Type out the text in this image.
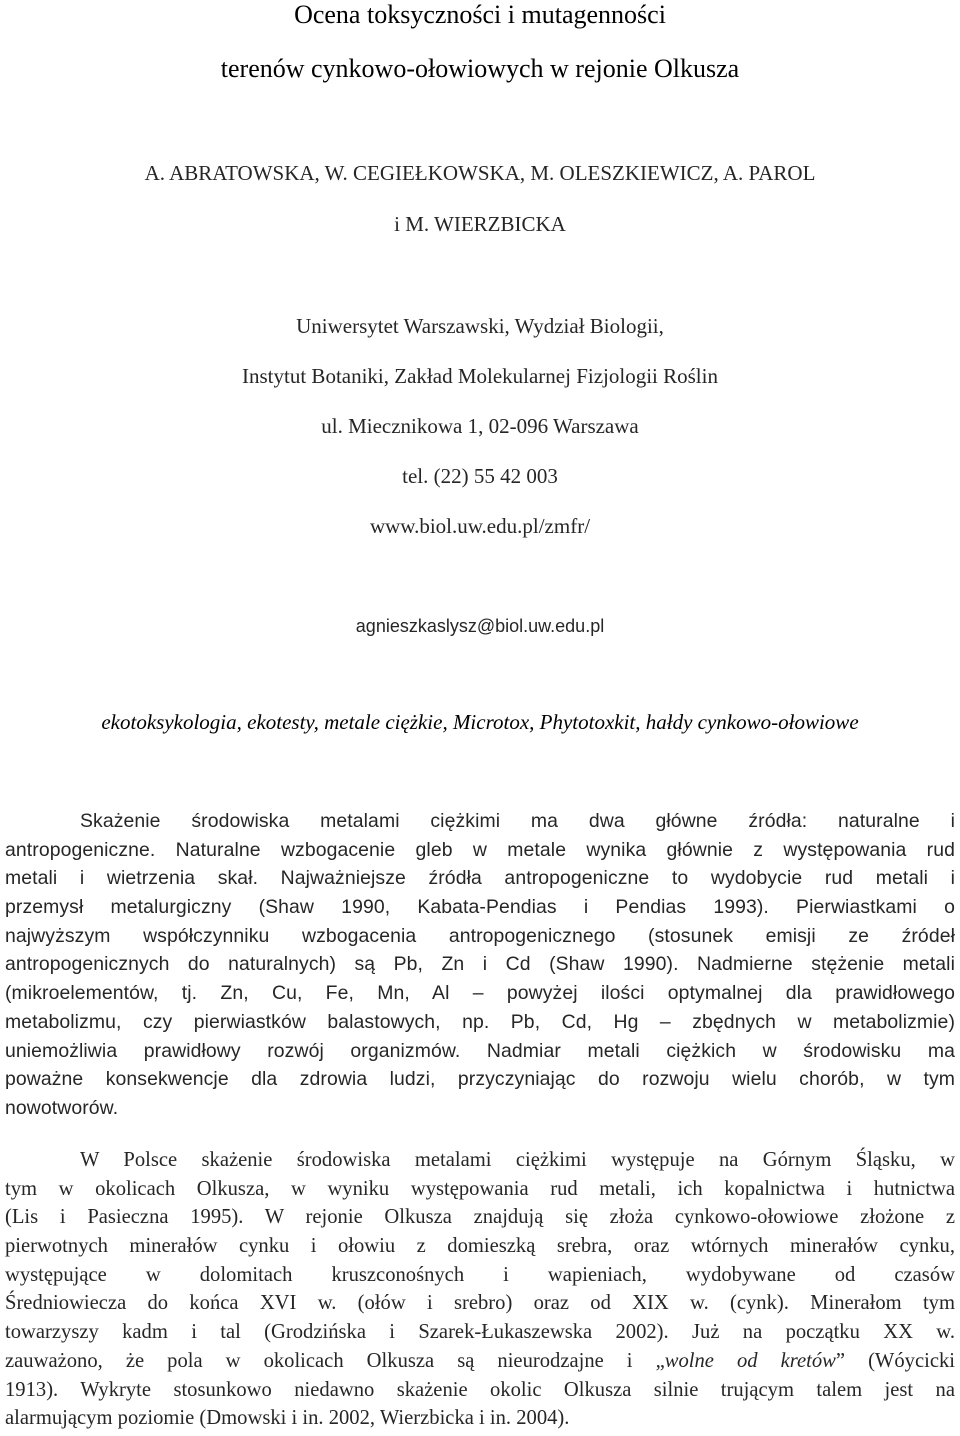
Ocena toksyczności i mutagenności
terenów cynkowo-ołowiowych w rejonie Olkusza
A. ABRATOWSKA, W. CEGIEŁKOWSKA, M. OLESZKIEWICZ, A. PAROL
i M. WIERZBICKA
Uniwersytet Warszawski, Wydział Biologii,
Instytut Botaniki, Zakład Molekularnej Fizjologii Roślin
ul. Miecznikowa 1, 02-096 Warszawa
tel. (22) 55 42 003
www.biol.uw.edu.pl/zmfr/
agnieszkaslysz@biol.uw.edu.pl
ekotoksykologia, ekotesty, metale ciężkie, Microtox, Phytotoxkit, hałdy cynkowo-ołowiowe
Skażenie środowiska metalami ciężkimi ma dwa główne źródła: naturalne i
antropogeniczne. Naturalne wzbogacenie gleb w metale wynika głównie z występowania rud
metali i wietrzenia skał. Najważniejsze źródła antropogeniczne to wydobycie rud metali i
przemysł metalurgiczny (Shaw 1990, Kabata-Pendias i Pendias 1993). Pierwiastkami o
najwyższym współczynniku wzbogacenia antropogenicznego (stosunek emisji ze źródeł
antropogenicznych do naturalnych) są Pb, Zn i Cd (Shaw 1990). Nadmierne stężenie metali
(mikroelementów, tj. Zn, Cu, Fe, Mn, Al – powyżej ilości optymalnej dla prawidłowego
metabolizmu, czy pierwiastków balastowych, np. Pb, Cd, Hg – zbędnych w metabolizmie)
uniemożliwia prawidłowy rozwój organizmów. Nadmiar metali ciężkich w środowisku ma
poważne konsekwencje dla zdrowia ludzi, przyczyniając do rozwoju wielu chorób, w tym
nowotworów.
W Polsce skażenie środowiska metalami ciężkimi występuje na Górnym Śląsku, w
tym w okolicach Olkusza, w wyniku występowania rud metali, ich kopalnictwa i hutnictwa
(Lis i Pasieczna 1995). W rejonie Olkusza znajdują się złoża cynkowo-ołowiowe złożone z
pierwotnych minerałów cynku i ołowiu z domieszką srebra, oraz wtórnych minerałów cynku,
występujące w dolomitach kruszconośnych i wapieniach, wydobywane od czasów
Średniowiecza do końca XVI w. (ołów i srebro) oraz od XIX w. (cynk). Minerałom tym
towarzyszy kadm i tal (Grodzińska i Szarek-Łukaszewska 2002). Już na początku XX w.
zauważono, że pola w okolicach Olkusza są nieurodzajne i „wolne od kretów” (Wóycicki
1913). Wykryte stosunkowo niedawno skażenie okolic Olkusza silnie trującym talem jest na
alarmującym poziomie (Dmowski i in. 2002, Wierzbicka i in. 2004).
